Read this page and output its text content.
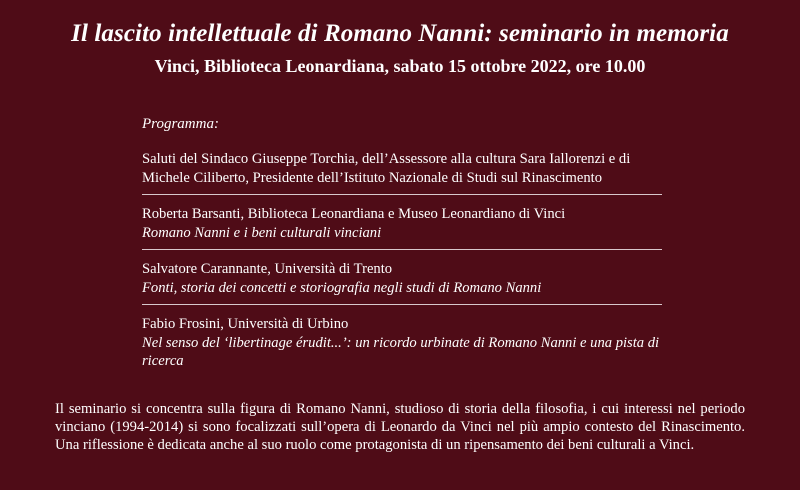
Il lascito intellettuale di Romano Nanni: seminario in memoria
Vinci, Biblioteca Leonardiana, sabato 15 ottobre 2022, ore 10.00
Programma:
Saluti del Sindaco Giuseppe Torchia, dell’Assessore alla cultura Sara Iallorenzi e di Michele Ciliberto, Presidente dell’Istituto Nazionale di Studi sul Rinascimento
Roberta Barsanti, Biblioteca Leonardiana e Museo Leonardiano di Vinci
Romano Nanni e i beni culturali vinciani
Salvatore Carannante, Università di Trento
Fonti, storia dei concetti e storiografia negli studi di Romano Nanni
Fabio Frosini, Università di Urbino
Nel senso del ‘libertinage érudit...’: un ricordo urbinate di Romano Nanni e una pista di ricerca
Il seminario si concentra sulla figura di Romano Nanni, studioso di storia della filosofia, i cui interessi nel periodo vinciano (1994-2014) si sono focalizzati sull’opera di Leonardo da Vinci nel più ampio contesto del Rinascimento. Una riflessione è dedicata anche al suo ruolo come protagonista di un ripensamento dei beni culturali a Vinci.
